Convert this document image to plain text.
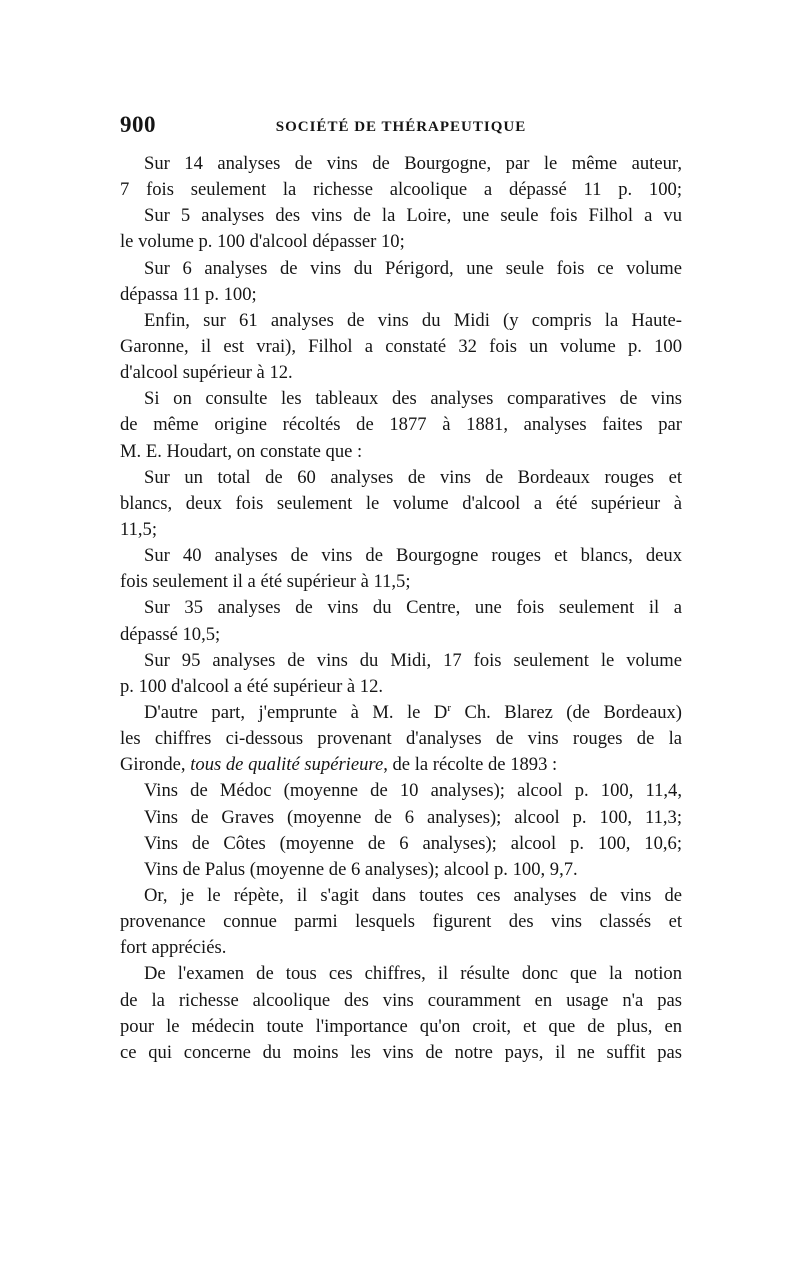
900	SOCIÉTÉ DE THÉRAPEUTIQUE
Sur 14 analyses de vins de Bourgogne, par le même auteur,
7 fois seulement la richesse alcoolique a dépassé 11 p. 100;
Sur 5 analyses des vins de la Loire, une seule fois Filhol a vu
le volume p. 100 d'alcool dépasser 10;
Sur 6 analyses de vins du Périgord, une seule fois ce volume
dépassa 11 p. 100;
Enfin, sur 61 analyses de vins du Midi (y compris la Haute-
Garonne, il est vrai), Filhol a constaté 32 fois un volume p. 100
d'alcool supérieur à 12.
Si on consulte les tableaux des analyses comparatives de vins
de même origine récoltés de 1877 à 1881, analyses faites par
M. E. Houdart, on constate que :
Sur un total de 60 analyses de vins de Bordeaux rouges et
blancs, deux fois seulement le volume d'alcool a été supérieur à
11,5;
Sur 40 analyses de vins de Bourgogne rouges et blancs, deux
fois seulement il a été supérieur à 11,5;
Sur 35 analyses de vins du Centre, une fois seulement il a
dépassé 10,5;
Sur 95 analyses de vins du Midi, 17 fois seulement le volume
p. 100 d'alcool a été supérieur à 12.
D'autre part, j'emprunte à M. le $D^r$ Ch. Blarez (de Bordeaux)
les chiffres ci-dessous provenant d'analyses de vins rouges de la
Gironde, tous de qualité supérieure, de la récolte de 1893 :
Vins de Médoc (moyenne de 10 analyses); alcool p. 100, 11,4,
Vins de Graves (moyenne de 6 analyses); alcool p. 100, 11,3;
Vins de Côtes (moyenne de 6 analyses); alcool p. 100, 10,6;
Vins de Palus (moyenne de 6 analyses); alcool p. 100, 9,7.
Or, je le répète, il s'agit dans toutes ces analyses de vins de
provenance connue parmi lesquels figurent des vins classés et
fort appréciés.
De l'examen de tous ces chiffres, il résulte donc que la notion
de la richesse alcoolique des vins couramment en usage n'a pas
pour le médecin toute l'importance qu'on croit, et que de plus, en
ce qui concerne du moins les vins de notre pays, il ne suffit pas
